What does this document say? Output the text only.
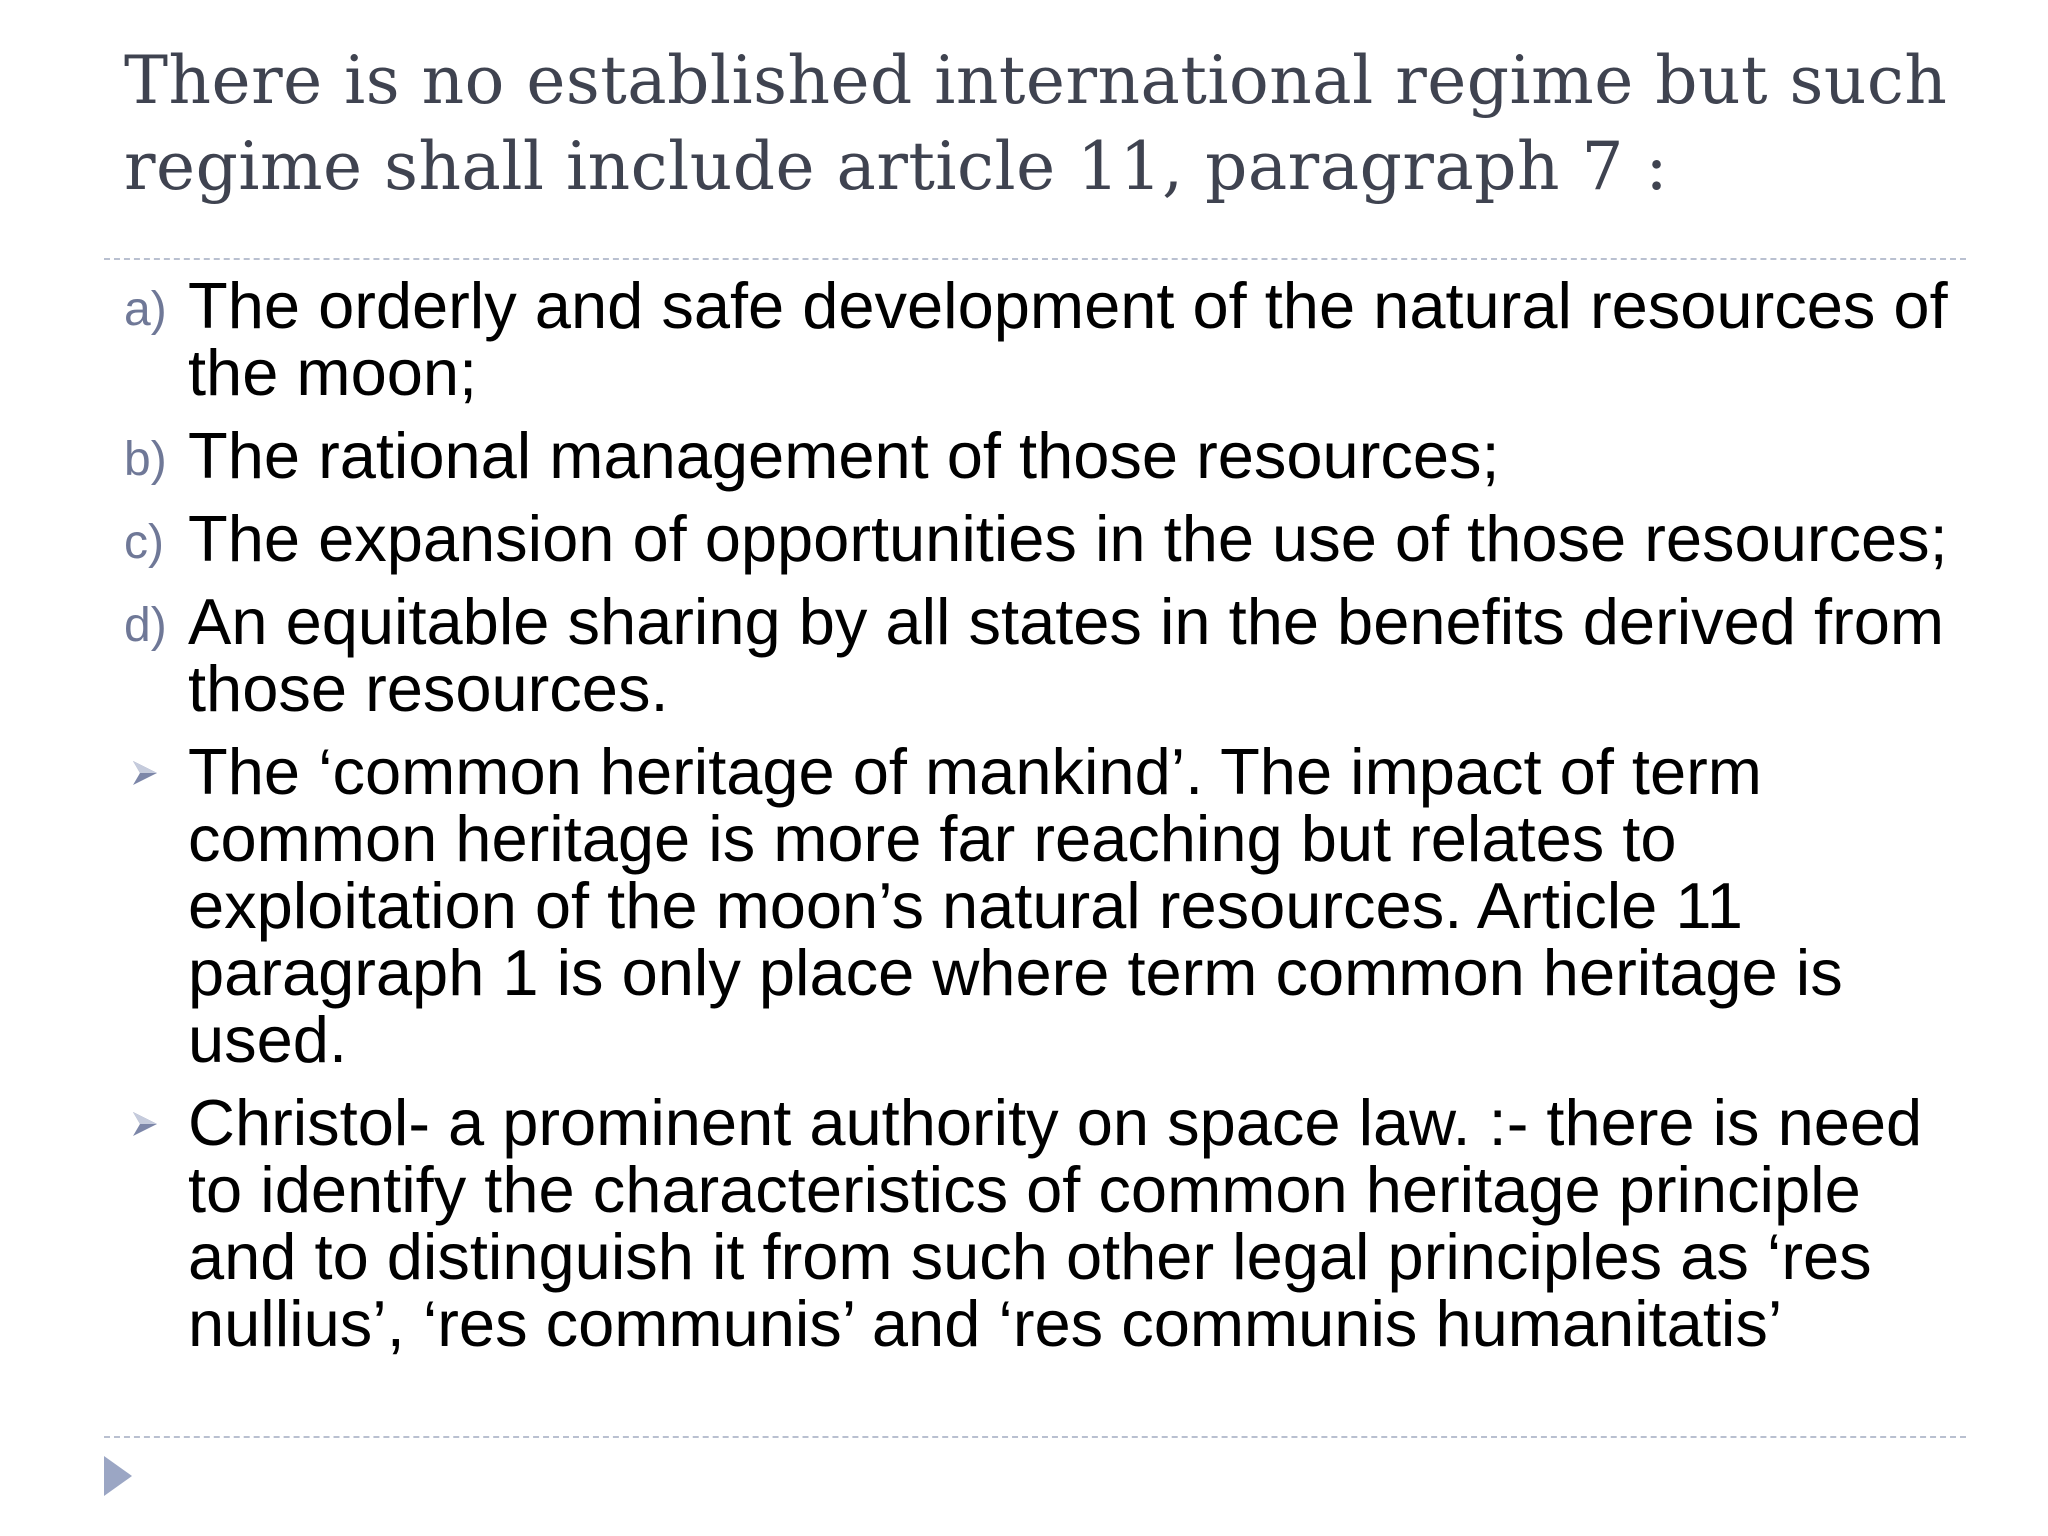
There is no established international regime but such regime shall include article 11, paragraph 7 :
a) The orderly and safe development of the natural resources of the moon;
b) The rational management of those resources;
c) The expansion of opportunities in the use of those resources;
d) An equitable sharing by all states in the benefits derived from those resources.
The ‘common heritage of mankind’. The impact of term common heritage is more far reaching but relates to exploitation of the moon’s natural resources. Article 11 paragraph 1 is only place where term common heritage is used.
Christol- a prominent authority on space law. :- there is need to identify the characteristics of common heritage principle and to distinguish it from such other legal principles as ‘res nullius’, ‘res communis’ and ‘res communis humanitatis’
